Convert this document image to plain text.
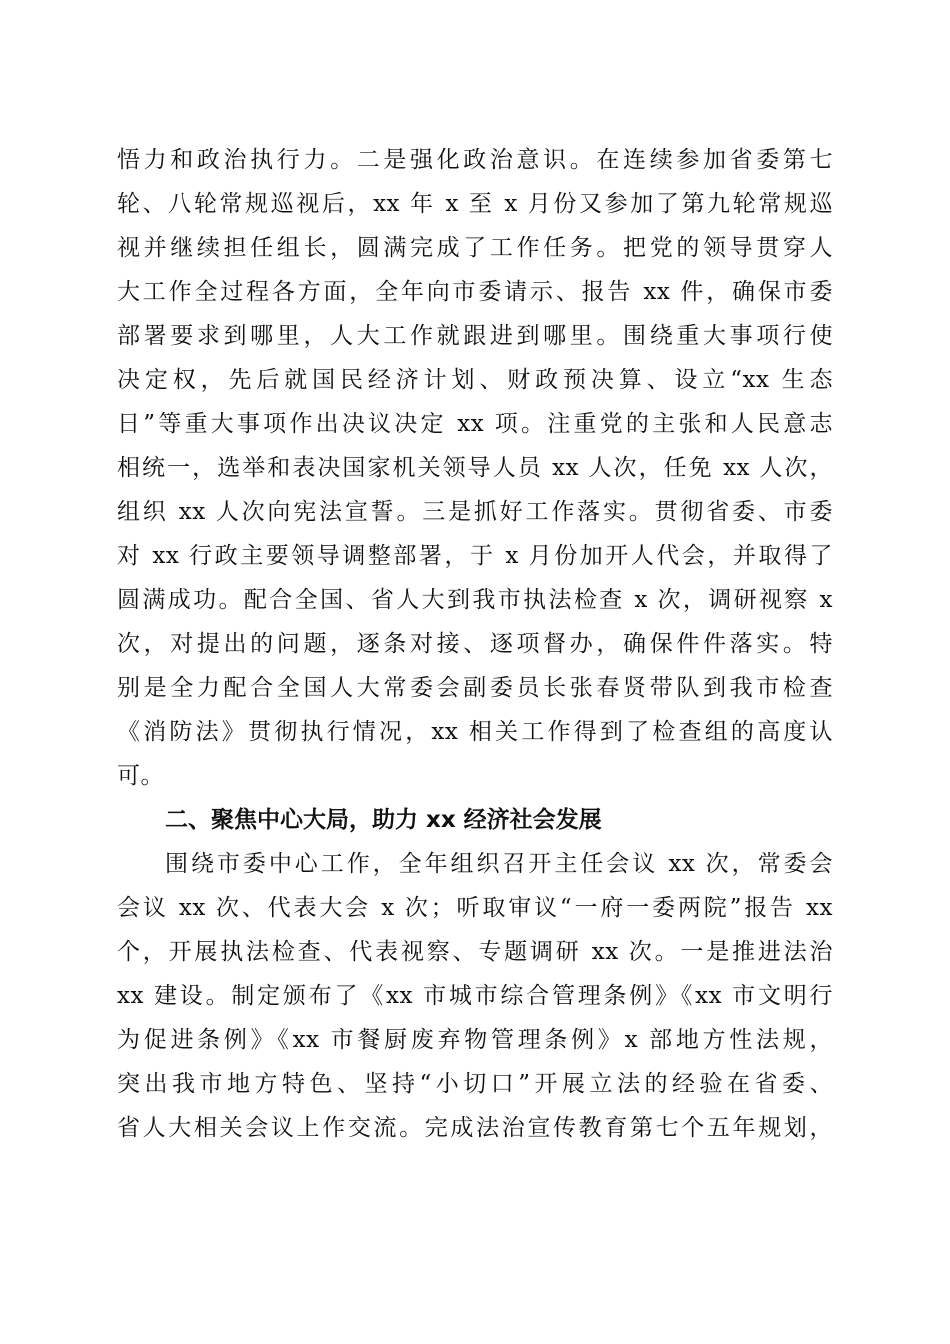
悟力和政治执行力。二是强化政治意识。在连续参加省委第七
轮、八轮常规巡视后，xx 年 x 至 x 月份又参加了第九轮常规巡
视并继续担任组长，圆满完成了工作任务。把党的领导贯穿人
大工作全过程各方面，全年向市委请示、报告 xx 件，确保市委
部署要求到哪里，人大工作就跟进到哪里。围绕重大事项行使
决定权，先后就国民经济计划、财政预决算、设立“xx 生态
日”等重大事项作出决议决定 xx 项。注重党的主张和人民意志
相统一，选举和表决国家机关领导人员 xx 人次，任免 xx 人次，
组织 xx 人次向宪法宣誓。三是抓好工作落实。贯彻省委、市委
对 xx 行政主要领导调整部署，于 x 月份加开人代会，并取得了
圆满成功。配合全国、省人大到我市执法检查 x 次，调研视察 x
次，对提出的问题，逐条对接、逐项督办，确保件件落实。特
别是全力配合全国人大常委会副委员长张春贤带队到我市检查
《消防法》贯彻执行情况，xx 相关工作得到了检查组的高度认
可。
二、聚焦中心大局，助力 xx 经济社会发展
围绕市委中心工作，全年组织召开主任会议 xx 次，常委会
会议 xx 次、代表大会 x 次；听取审议“一府一委两院”报告 xx
个，开展执法检查、代表视察、专题调研 xx 次。一是推进法治
xx 建设。制定颁布了《xx 市城市综合管理条例》《xx 市文明行
为促进条例》《xx 市餐厨废弃物管理条例》x 部地方性法规，
突出我市地方特色、坚持“小切口”开展立法的经验在省委、
省人大相关会议上作交流。完成法治宣传教育第七个五年规划，
